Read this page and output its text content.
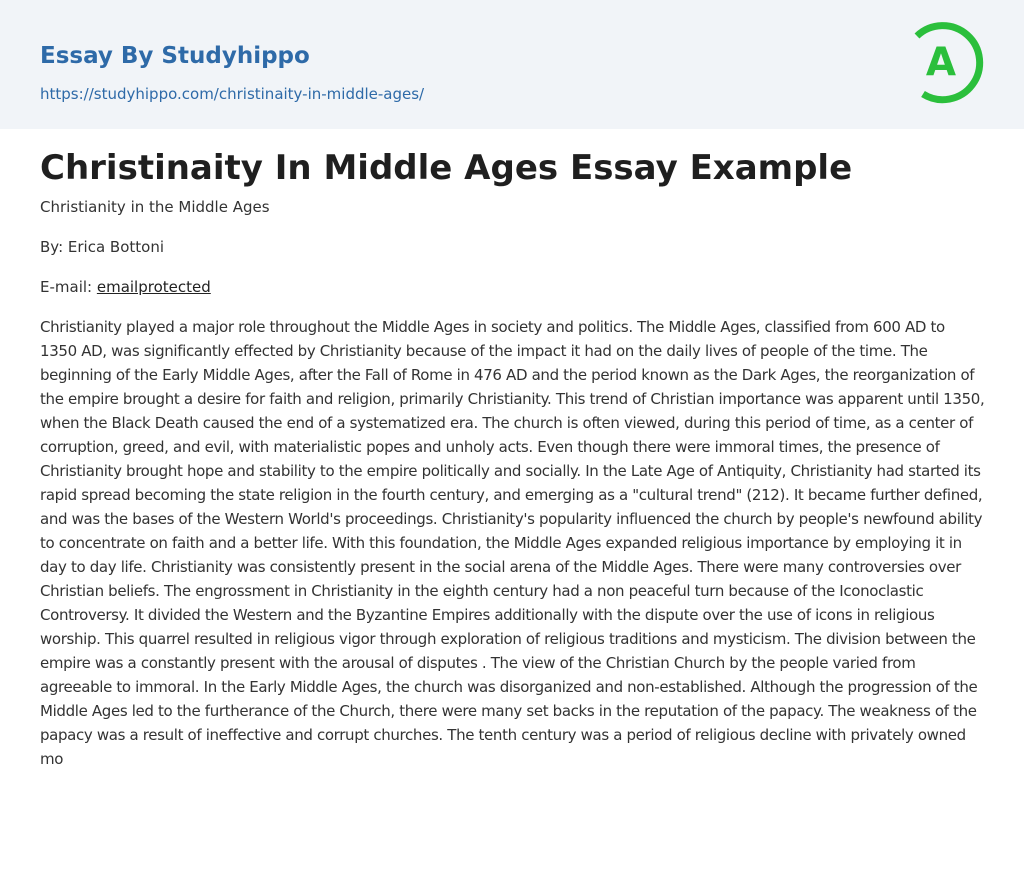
Essay By Studyhippo
https://studyhippo.com/christinaity-in-middle-ages/
A
Christinaity In Middle Ages Essay Example

Christianity in the Middle Ages

By: Erica Bottoni

E-mail: emailprotected

Christianity played a major role throughout the Middle Ages in society and politics. The Middle Ages, classified from 600 AD to 1350 AD, was significantly effected by Christianity because of the impact it had on the daily lives of people of the time. The beginning of the Early Middle Ages, after the Fall of Rome in 476 AD and the period known as the Dark Ages, the reorganization of the empire brought a desire for faith and religion, primarily Christianity. This trend of Christian importance was apparent until 1350, when the Black Death caused the end of a systematized era. The church is often viewed, during this period of time, as a center of corruption, greed, and evil, with materialistic popes and unholy acts. Even though there were immoral times, the presence of Christianity brought hope and stability to the empire politically and socially. In the Late Age of Antiquity, Christianity had started its rapid spread becoming the state religion in the fourth century, and emerging as a "cultural trend" (212). It became further defined, and was the bases of the Western World's proceedings. Christianity's popularity influenced the church by people's newfound ability to concentrate on faith and a better life. With this foundation, the Middle Ages expanded religious importance by employing it in day to day life. Christianity was consistently present in the social arena of the Middle Ages. There were many controversies over Christian beliefs. The engrossment in Christianity in the eighth century had a non peaceful turn because of the Iconoclastic Controversy. It divided the Western and the Byzantine Empires additionally with the dispute over the use of icons in religious worship. This quarrel resulted in religious vigor through exploration of religious traditions and mysticism. The division between the empire was a constantly present with the arousal of disputes . The view of the Christian Church by the people varied from agreeable to immoral. In the Early Middle Ages, the church was disorganized and non-established. Although the progression of the Middle Ages led to the furtherance of the Church, there were many set backs in the reputation of the papacy. The weakness of the papacy was a result of ineffective and corrupt churches. The tenth century was a period of religious decline with privately owned mo
